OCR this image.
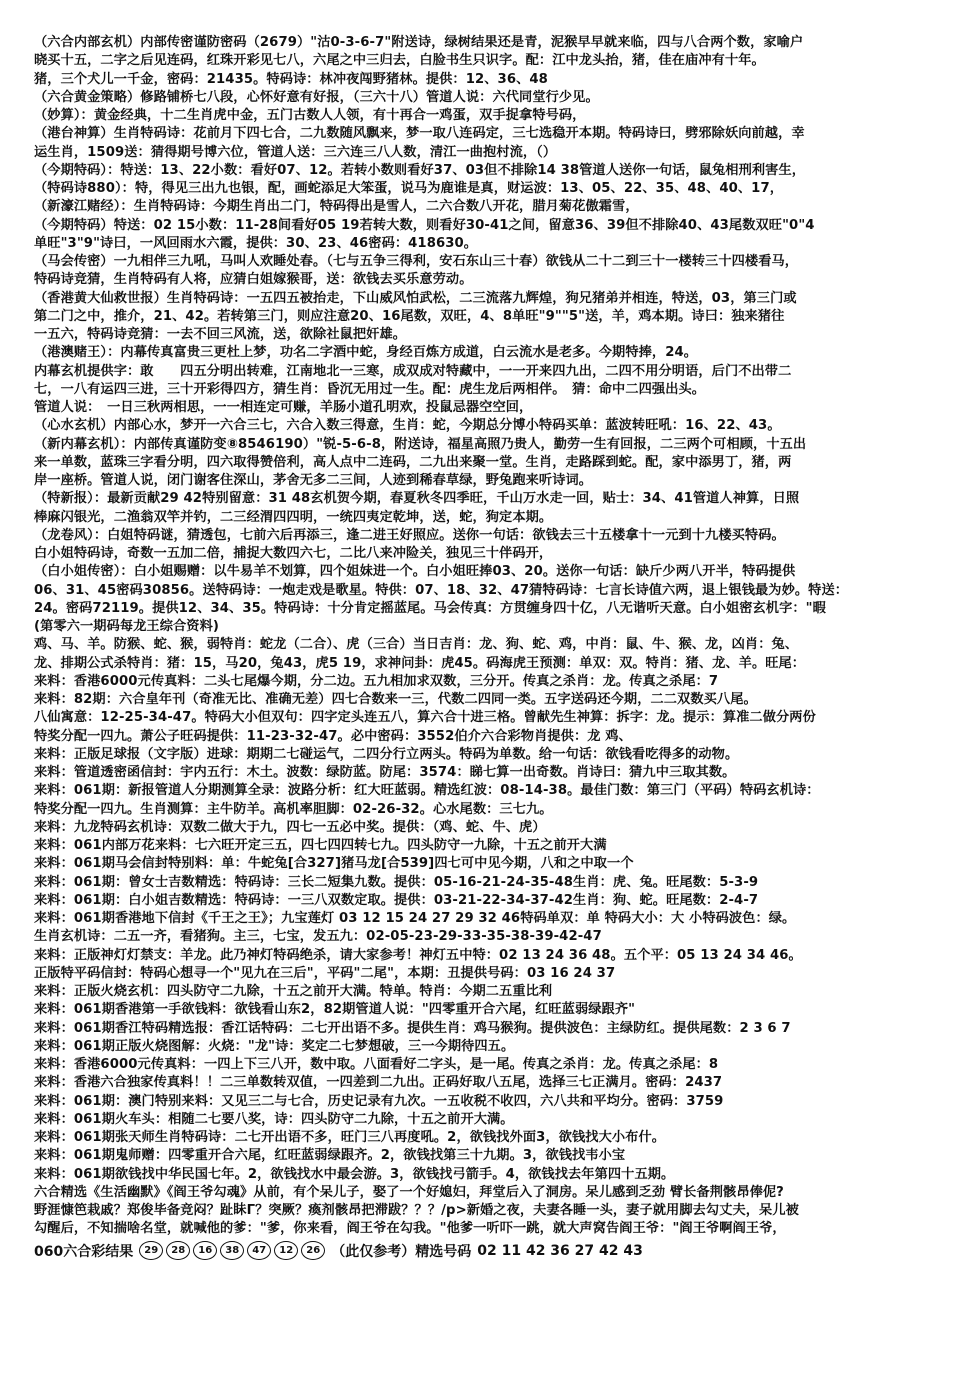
（六合内部玄机）内部传密谨防密码（2679）"沽0-3-6-7"附送诗，绿树结果还是青，泥猴早早就来临，四与八合两个数，家喻户
晓买十五，二字之后见连码，红珠开彩见七八，六尾之中三归去，白脸书生只识字。配：江中龙头抬，猪，佳在庙冲有十年。
猪，三个犬儿一千金，密码：21435。特码诗：林冲夜闯野猪林。提供：12、36、48
（六合黄金策略）修路铺桥七八段，心怀好意有好报，（三六十八）管道人说：六代同堂行少见。
（妙算）：黄金经典，十二生肖虎中金，五门古数人人领，有十再合一鸡蛋，双手捉拿特号码，
（港台神算）生肖特码诗：花前月下四七合，二九数随风飘来，梦一取八连码定，三七选稳开本期。特码诗曰，劈邪除妖向前越，幸
运生肖，1509送：猜得期号博六位，管道人送：三六连三八人数，清江一曲抱村流，（）
（今期特码）：特送：13、22小数：看好07、12。若转小数则看好37、03但不排除14 38管道人送你一句话，鼠兔相刑利害生，
（特码诗880）：特，得见三出九也银，配，画蛇添足大笨蛋，说马为鹿谁是真，财运波：13、05、22、35、48、40、17，
（新濠江赌经）：生肖特码诗：今期生肖出二门，特码得出是雪人，二六合数八开花，腊月菊花傲霜雪，
（今期特码）特送：02 15小数：11-28间看好05 19若转大数，则看好30-41之间，留意36、39但不排除40、43尾数双旺"0"4
单旺"3"9"诗曰，一风回雨水六霞，提供：30、23、46密码：418630。
（马会传密）一九相伴三九吼，马叫人欢睡处春。（七与五争三得利，安石东山三十春）欲钱从二十二到三十一楼转三十四楼看马，
特码诗竞猜，生肖特码有人将，应猜白姐嫁猴哥，送：欲钱去买乐意劳动。
（香港黄大仙救世报）生肖特码诗：一五四五被抬走，下山威风怕武松，二三流落九辉煌，狗兄猪弟并相连，特送，03，第三门或
第二门之中，推介，21、42。若转第三门，则应注意20、16尾数，双旺，4、8单旺"9""5"送，羊，鸡本期。诗曰：独来猪往
一五六，特码诗竞猜：一去不回三风流，送，欲除社鼠把奸雄。
（港澳赌王）：内幕传真富贵三更杜上梦，功名二字酒中蛇，身经百炼方成道，白云流水是老多。今期特捧，24。
内幕玄机提供字：敢　　四五分明出转难，江南地北一三寒，成双成对特藏中，一一开来四九出，二四不用分明语，后门不出带二
七，一八有运四三进，三十开彩得四方，猜生肖：昏沉无用过一生。配：虎生龙后两相伴。　猜：命中二四强出头。
管道人说：　一日三秋两相思，一一相连定可赚，羊肠小道孔明欢，投鼠忌器空空回，
（心水玄机）内部心水，梦开一六合三七，六合入数三得意，生肖：蛇，今期总分博小特码买单：蓝波转旺吼：16、22、43。
（新内幕玄机）：内部传真谨防变⑧8546190）"锐-5-6-8，附送诗，福星高照乃贵人，勤劳一生有回报，二三两个可相顾，十五出
来一单数，蓝珠三字看分明，四六取得赞倍利，高人点中二连码，二九出来聚一堂。生肖，走路踩到蛇。配，家中添男丁，猪，两
岸一座桥。管道人说，闭门谢客住深山，茅舍无多二三间，人迹到稀春草绿，野兔跑来听诗词。
（特新报）：最新贡献29 42特别留意：31 48玄机贺今期，春夏秋冬四季旺，千山万水走一回，贴士：34、41管道人神算，日照
棒麻闪银光，二渔翁双竿并钓，二三经渭四四明，一统四夷定乾坤，送，蛇，狗定本期。
（龙卷风）：白姐特码谜，猜透包，七前六后再添三，逢二进王好照应。送你一句话：欲钱去三十五楼拿十一元到十九楼买特码。
白小姐特码诗，奇数一五加二倍，捕捉大数四六七，二比八来冲险关，独见三十伴码开，
（白小姐传密）：白小姐赐赠：以牛易羊不划算，四个姐妹进一个。白小姐旺捧03、20。送你一句话：缺斤少两八开半，特码提供
06、31、45密码30856。送特码诗：一炮走戏是歌星。特供：07、18、32、47猜特码诗：七言长诗值六两，退上银钱最为妙。特送：
24。密码72119。提供12、34、35。特码诗：十分肯定摇蓝尾。马会传真：方贯缠身四十亿，八无谐听天意。白小姐密玄机字："暇
(第零六一期码每龙王综合资料)
鸡、马、羊。防猴、蛇、猴，弱特肖：蛇龙（二合）、虎（三合）当日吉肖：龙、狗、蛇、鸡，中肖：鼠、牛、猴、龙，凶肖：兔、
龙、排期公式杀特肖：猪：15，马20，兔43，虎5 19，求神问卦：虎45。码海虎王预测：单双：双。特肖：猪、龙、羊。旺尾：
来料：香港6000元传真料：二头七尾爆今期，分二边。五九相加求双数，三分开。传真之杀肖：龙。传真之杀尾：7
来料：82期：六合皇年刊（奇准无比、准确无差）四七合数来一三，代数二四同一类。五字送码还今期，二二双数买八尾。
八仙寓意：12-25-34-47。特码大小但双句：四字定头连五八，算六合十进三格。曾献先生神算：拆字：龙。提示：算准二做分两份
特奖分配一四九。萧公子旺码提供：11-23-32-47。必中密码：3552伯介六合彩物肖提供：龙 鸡、
来料：正版足球报（文字版）进球：期期二七碰运气，二四分行立两头。特码为单数。给一句话：欲钱看吃得多的动物。
来料：管道透密函信封：宇内五行：木土。波数：绿防蓝。防尾：3574：睇七算一出奇数。肖诗曰：猜九中三取其数。
来料：061期：新报管道人分期测算全录：波路分析：红大旺蓝弱。精选红波：08-14-38。最佳门数：第三门（平码）特码玄机诗：
特奖分配一四九。生肖测算：主牛防羊。高机率胆脚：02-26-32。心水尾数：三七九。
来料：九龙特码玄机诗：双数二做大于九，四七一五必中奖。提供：（鸡、蛇、牛、虎）
来料：061内部万花来料：七六旺开定三五，四七四四转七九。四头防守一九除，十五之前开大满
来料：061期马会信封特别料：单：牛蛇兔[合327]猪马龙[合539]四七可中见今期，八和之中取一个
来料：061期：曾女士吉数精选：特码诗：三长二短集九数。提供：05-16-21-24-35-48生肖：虎、兔。旺尾数：5-3-9
来料：061期：白小姐吉数精选：特码诗：一三八双数定取。提供：03-21-22-34-37-42生肖：狗、蛇。旺尾数：2-4-7
来料：061期香港地下信封《千王之王》；九宝莲灯 03 12 15 24 27 29 32 46特码单双：单 特码大小：大 小特码波色：绿。
生肖玄机诗：二五一齐，看猪狗。主三，七宝，发五九：02-05-23-29-33-35-38-39-42-47
来料：正版神灯灯禁支：羊龙。此乃神灯特码绝杀，请大家参考！神灯五中特：02 13 24 36 48。五个平：05 13 24 34 46。
正版特平码信封：特码心想寻一个"见九在三后"，平码"二尾"，本期：丑提供号码：03 16 24 37
来料：正版火烧玄机：四头防守二九除，十五之前开大满。特单。特肖：今期二五重比利
来料：061期香港第一手欲钱料：欲钱看山东2，82期管道人说："四零重开合六尾，红旺蓝弱绿跟齐"
来料：061期香江特码精选报：香江话特码：二七开出语不多。提供生肖：鸡马猴狗。提供波色：主绿防红。提供尾数：2 3 6 7
来料：061期正版火烧图解：火烧："龙"诗：奖定二七梦想破，三一今期待四五。
来料：香港6000元传真料：一四上下三八开，数中取。八面看好二字头，是一尾。传真之杀肖：龙。传真之杀尾：8
来料：香港六合独家传真料！！二三单数转双值，一四差到二九出。正码好取八五尾，选择三七正满月。密码：2437
来料：061期：澳门特别来料：又见三二与七合，历史记录有九次。一五收税不收四，六八共和平均分。密码：3759
来料：061期火车头：相随二七要八奖，诗：四头防守二九除，十五之前开大满。
来料：061期张天师生肖特码诗：二七开出语不多，旺门三八再度吼。2，欲钱找外面3，欲钱找大小布什。
来料：061期鬼师赠：四零重开合六尾，红旺蓝弱绿跟齐。2，欲钱找第三十九期。3，欲钱找韦小宝
来料：061期欲钱找中华民国七年。2，欲钱找水中最会游。3，欲钱找弓箭手。4，欲钱找去年第四十五期。
六合精选《生活幽默》《阎王爷勾魂》从前，有个呆儿子，娶了一个好媳妇，拜堂后入了洞房。呆儿感到乏劲 臂长备荆骸昂俸伲?
野涯慷笆栽戚？郑俊毕备竞闷？趾眛Г？突厥？瘓剂骸昂把滞跋？？？/p>新婚之夜，夫妻各睡一头，妻子就用脚去勾丈夫，呆儿被
勾醒后，不知揣啥名堂，就喊他的爹："爹，你来看，阎王爷在勾我。"他爹一听吓一跳，就大声窝告阎王爷："阎王爷啊阎王爷，
060六合彩结果	29	28	16	38	47	12	26 （此仅参考） 精选号码 02 11 42 36 27 42 43
